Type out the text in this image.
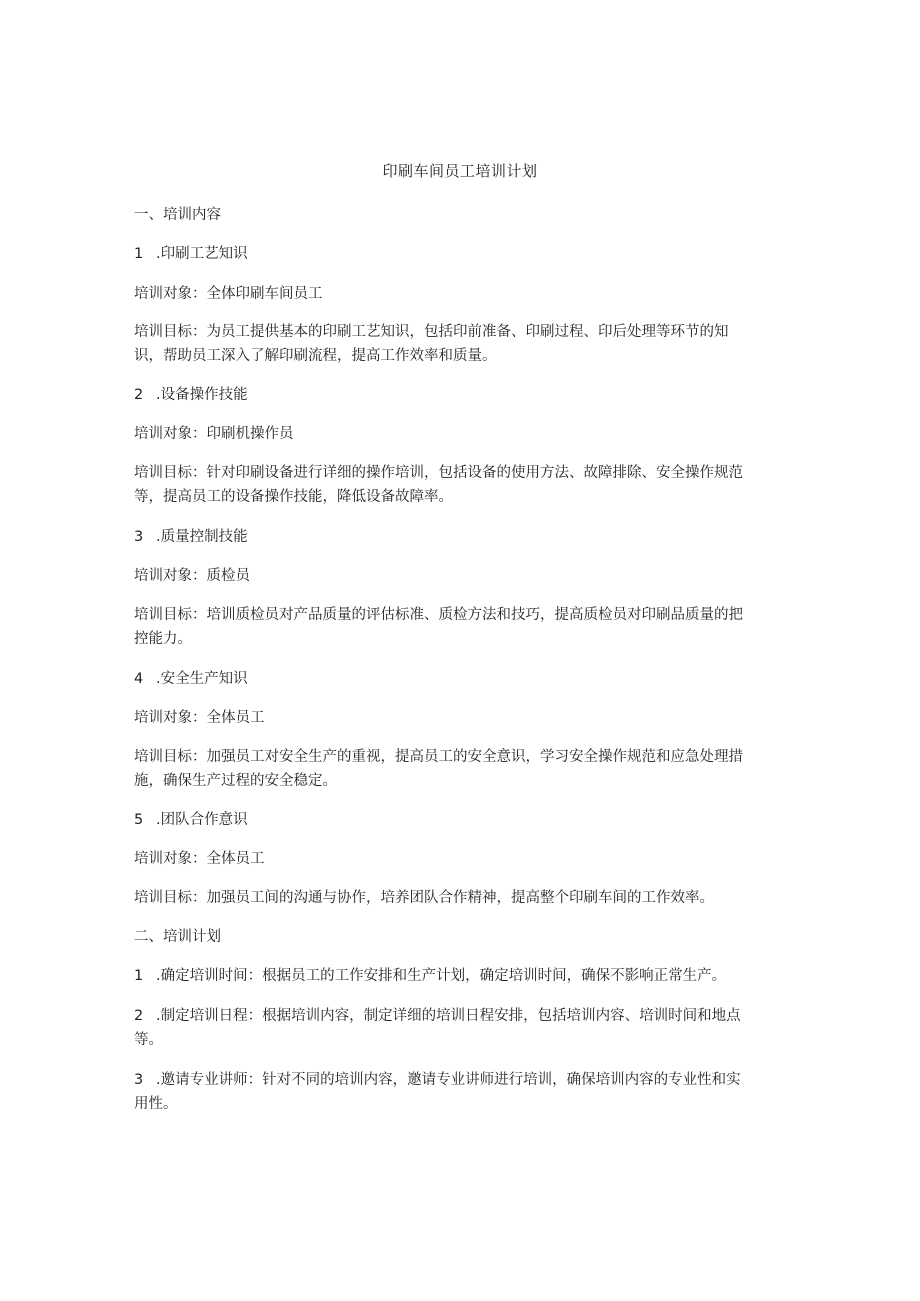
印刷车间员工培训计划
一、培训内容
1 .印刷工艺知识
培训对象：全体印刷车间员工
培训目标：为员工提供基本的印刷工艺知识，包括印前准备、印刷过程、印后处理等环节的知
识，帮助员工深入了解印刷流程，提高工作效率和质量。
2 .设备操作技能
培训对象：印刷机操作员
培训目标：针对印刷设备进行详细的操作培训，包括设备的使用方法、故障排除、安全操作规范
等，提高员工的设备操作技能，降低设备故障率。
3 .质量控制技能
培训对象：质检员
培训目标：培训质检员对产品质量的评估标准、质检方法和技巧，提高质检员对印刷品质量的把
控能力。
4 .安全生产知识
培训对象：全体员工
培训目标：加强员工对安全生产的重视，提高员工的安全意识，学习安全操作规范和应急处理措
施，确保生产过程的安全稳定。
5 .团队合作意识
培训对象：全体员工
培训目标：加强员工间的沟通与协作，培养团队合作精神，提高整个印刷车间的工作效率。
二、培训计划
1 .确定培训时间：根据员工的工作安排和生产计划，确定培训时间，确保不影响正常生产。
2 .制定培训日程：根据培训内容，制定详细的培训日程安排，包括培训内容、培训时间和地点
等。
3 .邀请专业讲师：针对不同的培训内容，邀请专业讲师进行培训，确保培训内容的专业性和实
用性。
